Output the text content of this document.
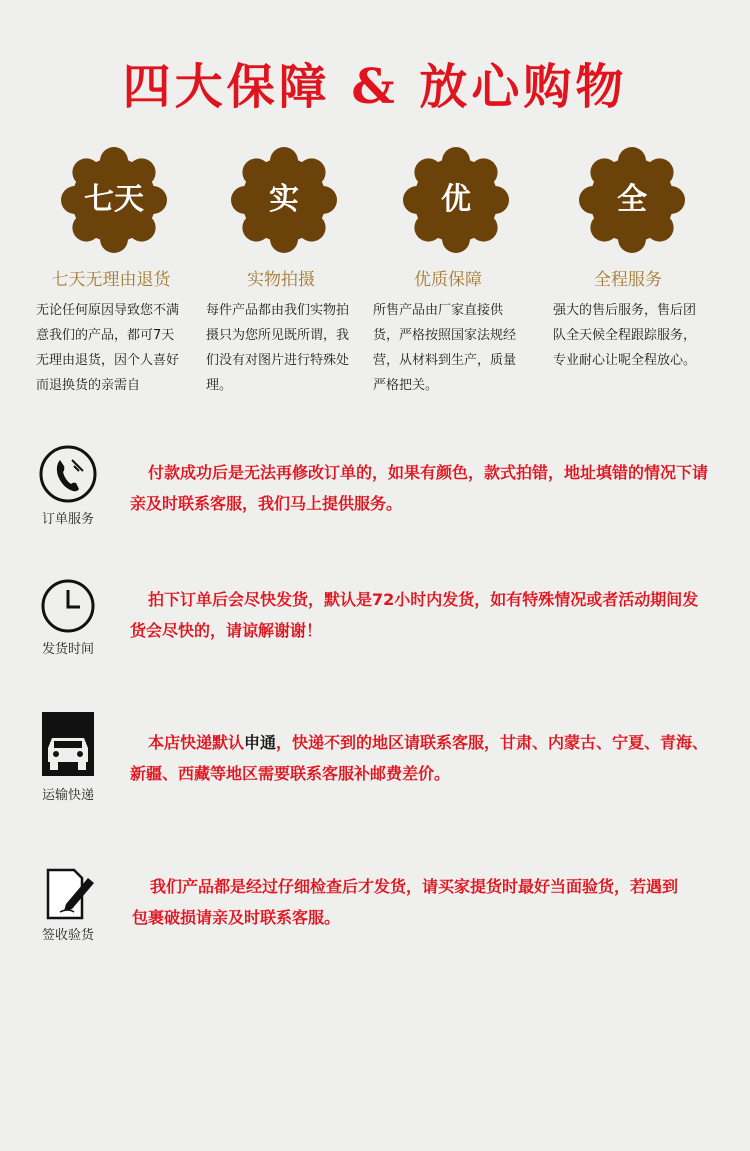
四大保障 & 放心购物
七天
七天无理由退货
无论任何原因导致您不满意我们的产品，都可7天无理由退货，因个人喜好而退换货的亲需自
实
实物拍摄
每件产品都由我们实物拍摄只为您所见既所谓，我们没有对图片进行特殊处理。
优
优质保障
所售产品由厂家直接供货，严格按照国家法规经营，从材料到生产，质量严格把关。
全
全程服务
强大的售后服务，售后团队全天候全程跟踪服务，专业耐心让呢全程放心。
订单服务

付款成功后是无法再修改订单的，如果有颜色，款式拍错，地址填错的情况下请亲及时联系客服，我们马上提供服务。

发货时间

拍下订单后会尽快发货，默认是72小时内发货，如有特殊情况或者活动期间发货会尽快的，请谅解谢谢！

运输快递

本店快递默认申通，快递不到的地区请联系客服，甘肃、内蒙古、宁夏、青海、新疆、西藏等地区需要联系客服补邮费差价。

签收验货

我们产品都是经过仔细检查后才发货，请买家提货时最好当面验货，若遇到包裹破损请亲及时联系客服。
